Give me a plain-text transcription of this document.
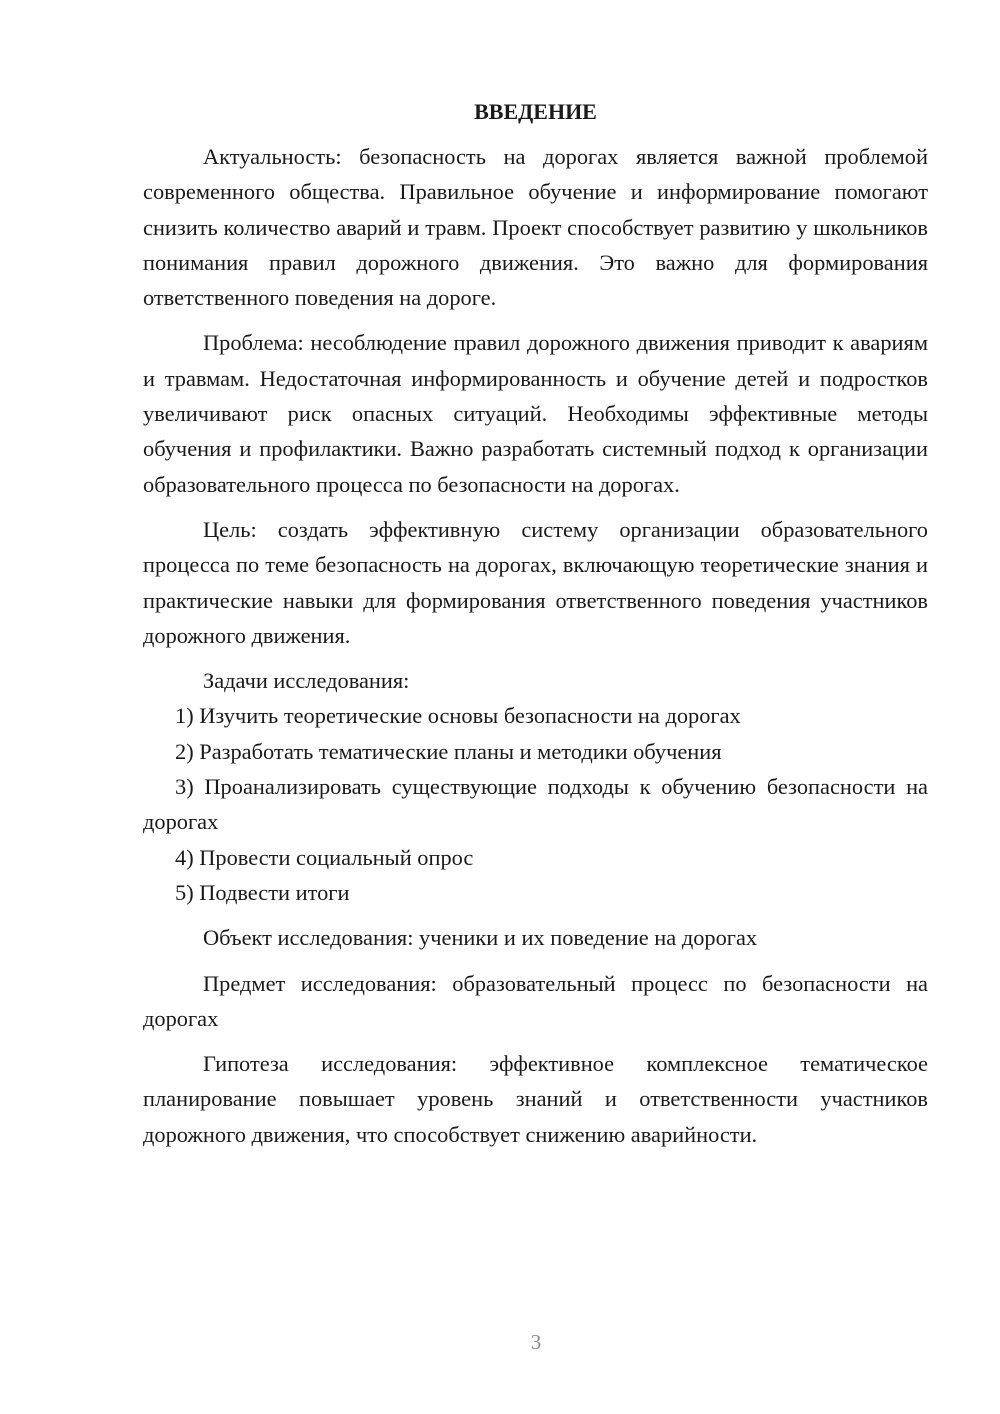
ВВЕДЕНИЕ

Актуальность: безопасность на дорогах является важной проблемой современного общества. Правильное обучение и информирование помогают снизить количество аварий и травм. Проект способствует развитию у школьников понимания правил дорожного движения. Это важно для формирования ответственного поведения на дороге.

Проблема: несоблюдение правил дорожного движения приводит к авариям и травмам. Недостаточная информированность и обучение детей и подростков увеличивают риск опасных ситуаций. Необходимы эффективные методы обучения и профилактики. Важно разработать системный подход к организации образовательного процесса по безопасности на дорогах.

Цель: создать эффективную систему организации образовательного процесса по теме безопасность на дорогах, включающую теоретические знания и практические навыки для формирования ответственного поведения участников дорожного движения.

Задачи исследования:

1) Изучить теоретические основы безопасности на дорогах

2) Разработать тематические планы и методики обучения

3) Проанализировать существующие подходы к обучению безопасности на дорогах

4) Провести социальный опрос

5) Подвести итоги

Объект исследования: ученики и их поведение на дорогах

Предмет исследования: образовательный процесс по безопасности на дорогах

Гипотеза исследования: эффективное комплексное тематическое планирование повышает уровень знаний и ответственности участников дорожного движения, что способствует снижению аварийности.

3
